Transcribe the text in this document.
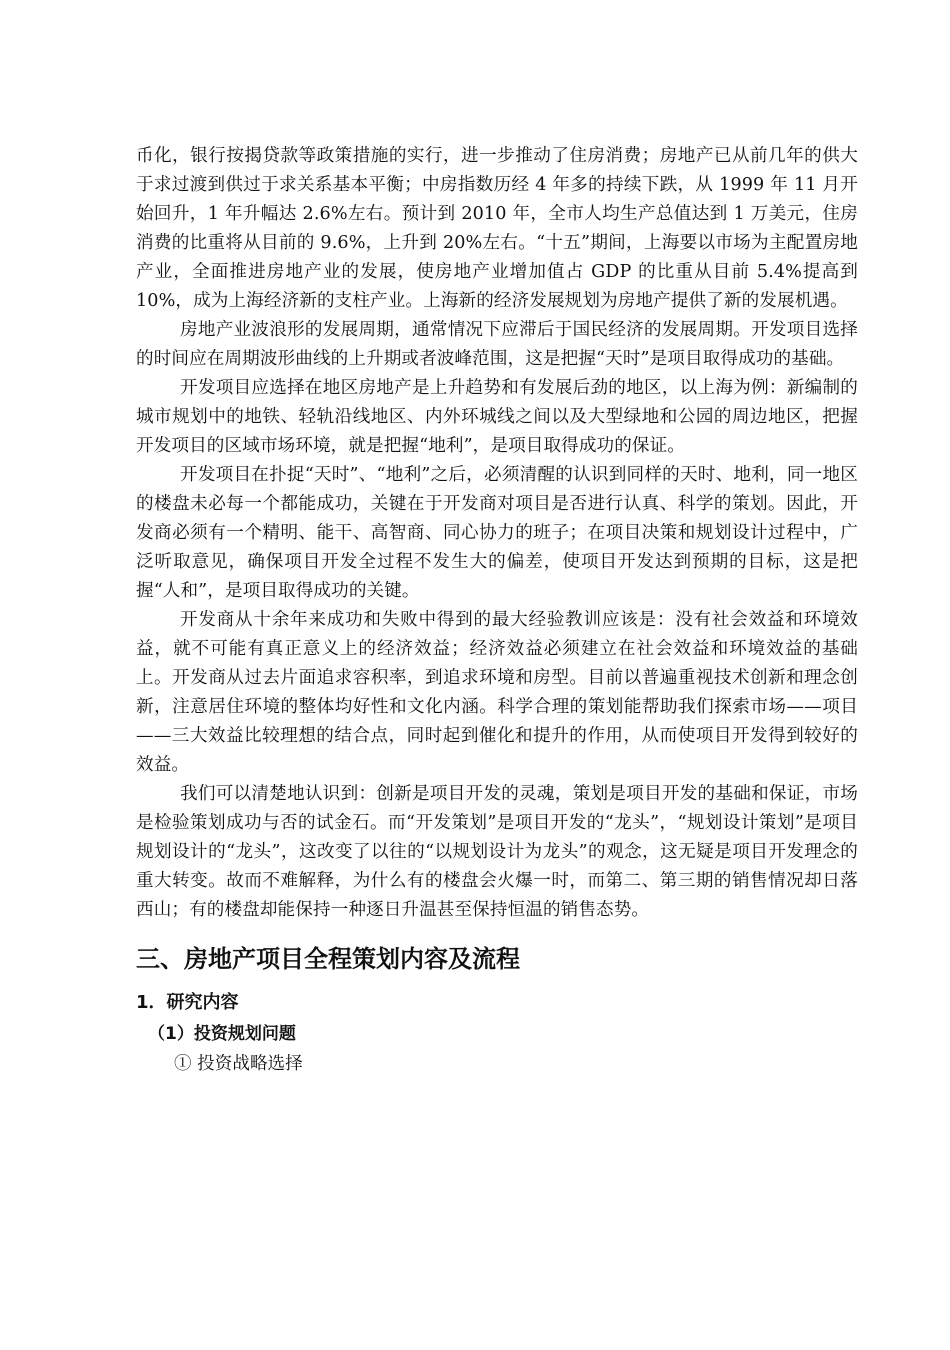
币化，银行按揭贷款等政策措施的实行，进一步推动了住房消费；房地产已从前几年的供大于求过渡到供过于求关系基本平衡；中房指数历经 4 年多的持续下跌，从 1999 年 11 月开始回升，1 年升幅达 2.6%左右。预计到 2010 年，全市人均生产总值达到 1 万美元，住房消费的比重将从目前的 9.6%，上升到 20%左右。“十五”期间，上海要以市场为主配置房地产业，全面推进房地产业的发展，使房地产业增加值占 GDP 的比重从目前 5.4%提高到 10%，成为上海经济新的支柱产业。上海新的经济发展规划为房地产提供了新的发展机遇。

房地产业波浪形的发展周期，通常情况下应滞后于国民经济的发展周期。开发项目选择的时间应在周期波形曲线的上升期或者波峰范围，这是把握“天时”是项目取得成功的基础。

开发项目应选择在地区房地产是上升趋势和有发展后劲的地区，以上海为例：新编制的城市规划中的地铁、轻轨沿线地区、内外环城线之间以及大型绿地和公园的周边地区，把握开发项目的区域市场环境，就是把握“地利”，是项目取得成功的保证。

开发项目在扑捉“天时”、“地利”之后，必须清醒的认识到同样的天时、地利，同一地区的楼盘未必每一个都能成功，关键在于开发商对项目是否进行认真、科学的策划。因此，开发商必须有一个精明、能干、高智商、同心协力的班子；在项目决策和规划设计过程中，广泛听取意见，确保项目开发全过程不发生大的偏差，使项目开发达到预期的目标，这是把握“人和”，是项目取得成功的关键。

开发商从十余年来成功和失败中得到的最大经验教训应该是：没有社会效益和环境效益，就不可能有真正意义上的经济效益；经济效益必须建立在社会效益和环境效益的基础上。开发商从过去片面追求容积率，到追求环境和房型。目前以普遍重视技术创新和理念创新，注意居住环境的整体均好性和文化内涵。科学合理的策划能帮助我们探索市场——项目——三大效益比较理想的结合点，同时起到催化和提升的作用，从而使项目开发得到较好的效益。

我们可以清楚地认识到：创新是项目开发的灵魂，策划是项目开发的基础和保证，市场是检验策划成功与否的试金石。而“开发策划”是项目开发的“龙头”，“规划设计策划”是项目规划设计的“龙头”，这改变了以往的“以规划设计为龙头”的观念，这无疑是项目开发理念的重大转变。故而不难解释，为什么有的楼盘会火爆一时，而第二、第三期的销售情况却日落西山；有的楼盘却能保持一种逐日升温甚至保持恒温的销售态势。

三、房地产项目全程策划内容及流程
1．研究内容
（1）投资规划问题

① 投资战略选择
